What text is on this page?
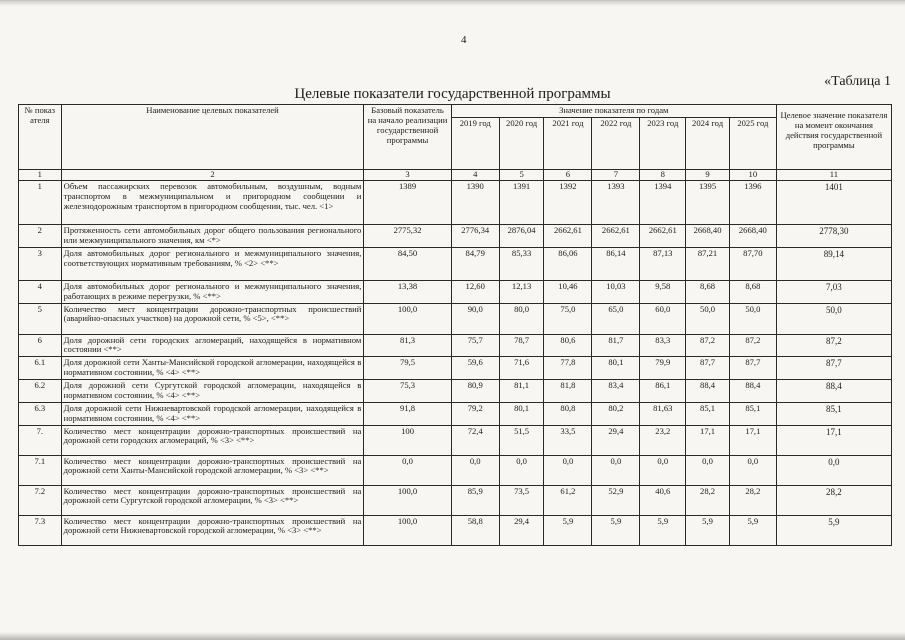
4
«Таблица 1
Целевые показатели государственной программы
№ показ ателя	Наименование целевых показателей	Базовый показатель на начало реализации государственной программы	Значение показателя по годам							Целевое значение показателя на момент окончания действия государственной программы
			2019 год	2020 год	2021 год	2022 год	2023 год	2024 год	2025 год	
1	2	3	4	5	6	7	8	9	10	11
1	Объем пассажирских перевозок автомобильным, воздушным, водным транспортом в межмуниципальном и пригородном сообщении и железнодорожным транспортом в пригородном сообщении, тыс. чел. <1>	1389	1390	1391	1392	1393	1394	1395	1396	1401
2	Протяженность сети автомобильных дорог общего пользования регионального или межмуниципального значения, км <*>	2775,32	2776,34	2876,04	2662,61	2662,61	2662,61	2668,40	2668,40	2778,30
3	Доля автомобильных дорог регионального и межмуниципального значения, соответствующих нормативным требованиям, % <2> <**>	84,50	84,79	85,33	86,06	86,14	87,13	87,21	87,70	89,14
4	Доля автомобильных дорог регионального и межмуниципального значения, работающих в режиме перегрузки, % <**>	13,38	12,60	12,13	10,46	10,03	9,58	8,68	8,68	7,03
5	Количество мест концентрации дорожно-транспортных происшествий (аварийно-опасных участков) на дорожной сети, % <5>, <**>	100,0	90,0	80,0	75,0	65,0	60,0	50,0	50,0	50,0
6	Доля дорожной сети городских агломераций, находящейся в нормативном состоянии <**>	81,3	75,7	78,7	80,6	81,7	83,3	87,2	87,2	87,2
6.1	Доля дорожной сети Ханты-Мансийской городской агломерации, находящейся в нормативном состоянии, % <4> <**>	79,5	59,6	71,6	77,8	80,1	79,9	87,7	87,7	87,7
6.2	Доля дорожной сети Сургутской городской агломерации, находящейся в нормативном состоянии, % <4> <**>	75,3	80,9	81,1	81,8	83,4	86,1	88,4	88,4	88,4
6.3	Доля дорожной сети Нижневартовской городской агломерации, находящейся в нормативном состоянии, % <4> <**>	91,8	79,2	80,1	80,8	80,2	81,63	85,1	85,1	85,1
7.	Количество мест концентрации дорожно-транспортных происшествий на дорожной сети городских агломераций, % <3> <**>	100	72,4	51,5	33,5	29,4	23,2	17,1	17,1	17,1
7.1	Количество мест концентрации дорожно-транспортных происшествий на дорожной сети Ханты-Мансийской городской агломерации, % <3> <**>	0,0	0,0	0,0	0,0	0,0	0,0	0,0	0,0	0,0
7.2	Количество мест концентрации дорожно-транспортных происшествий на дорожной сети Сургутской городской агломерации, % <3> <**>	100,0	85,9	73,5	61,2	52,9	40,6	28,2	28,2	28,2
7.3	Количество мест концентрации дорожно-транспортных происшествий на дорожной сети Нижневартовской городской агломерации, % <3> <**>	100,0	58,8	29,4	5,9	5,9	5,9	5,9	5,9	5,9
